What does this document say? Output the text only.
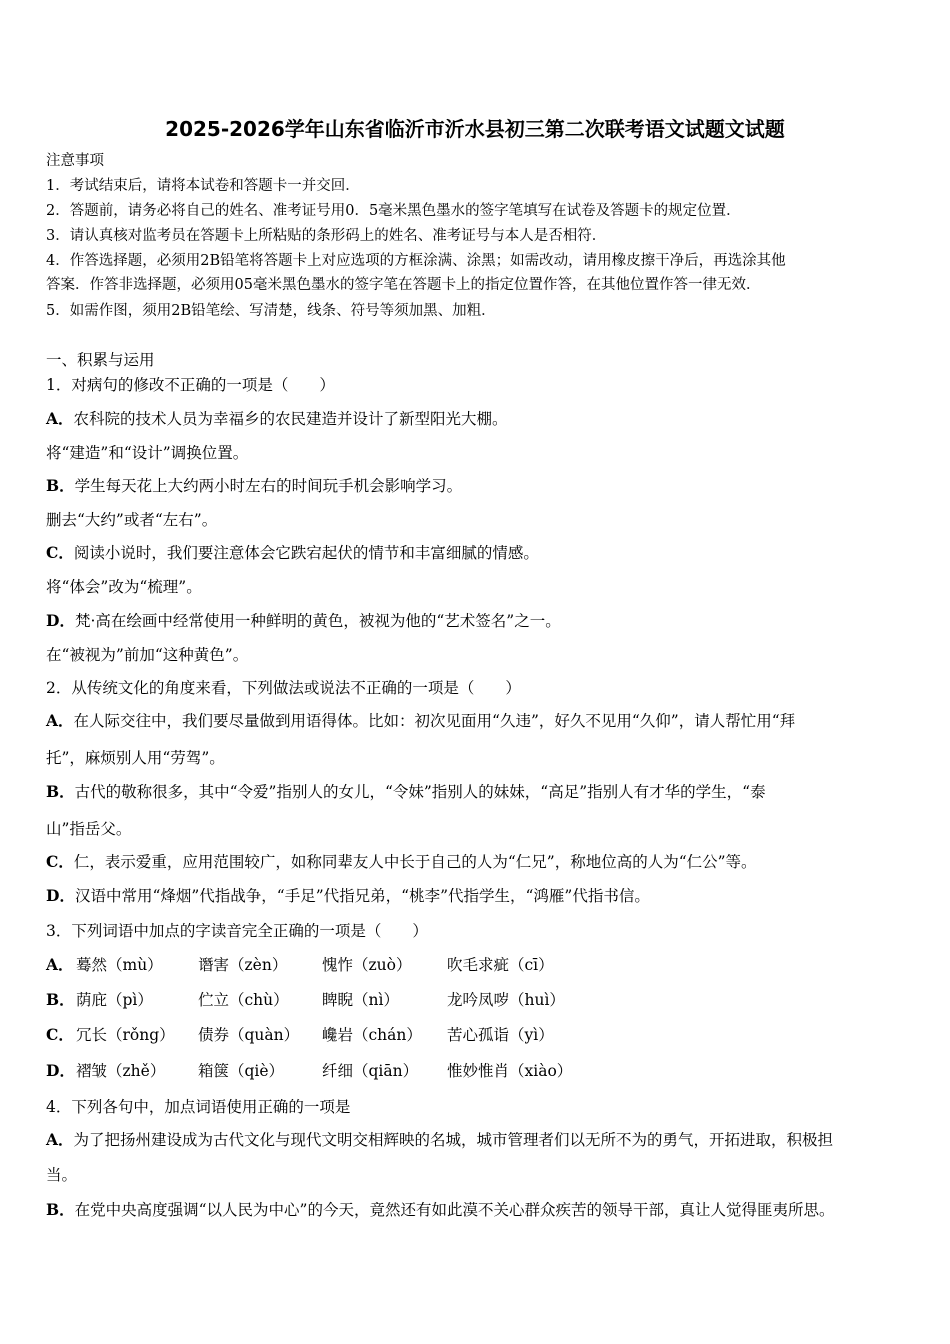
2025-2026学年山东省临沂市沂水县初三第二次联考语文试题文试题
注意事项
1．考试结束后，请将本试卷和答题卡一并交回．
2．答题前，请务必将自己的姓名、准考证号用0．5毫米黑色墨水的签字笔填写在试卷及答题卡的规定位置．
3．请认真核对监考员在答题卡上所粘贴的条形码上的姓名、准考证号与本人是否相符．
4．作答选择题，必须用2B铅笔将答题卡上对应选项的方框涂满、涂黑；如需改动，请用橡皮擦干净后，再选涂其他
答案．作答非选择题，必须用05毫米黑色墨水的签字笔在答题卡上的指定位置作答，在其他位置作答一律无效．
5．如需作图，须用2B铅笔绘、写清楚，线条、符号等须加黑、加粗．
一、积累与运用
1．对病句的修改不正确的一项是（　　）
A．农科院的技术人员为幸福乡的农民建造并设计了新型阳光大棚。
将“建造”和“设计”调换位置。
B．学生每天花上大约两小时左右的时间玩手机会影响学习。
删去“大约”或者“左右”。
C．阅读小说时，我们要注意体会它跌宕起伏的情节和丰富细腻的情感。
将“体会”改为“梳理”。
D．梵·高在绘画中经常使用一种鲜明的黄色，被视为他的“艺术签名”之一。
在“被视为”前加“这种黄色”。
2．从传统文化的角度来看，下列做法或说法不正确的一项是（　　）
A．在人际交往中，我们要尽量做到用语得体。比如：初次见面用“久违”，好久不见用“久仰”，请人帮忙用“拜
托”，麻烦别人用“劳驾”。
B．古代的敬称很多，其中“令爱”指别人的女儿，“令妹”指别人的妹妹，“高足”指别人有才华的学生，“泰
山”指岳父。
C．仁，表示爱重，应用范围较广，如称同辈友人中长于自己的人为“仁兄”，称地位高的人为“仁公”等。
D．汉语中常用“烽烟”代指战争，“手足”代指兄弟，“桃李”代指学生，“鸿雁”代指书信。
3．下列词语中加点的字读音完全正确的一项是（　　）
A． 蓦然（mù） 谮害（zèn） 愧怍（zuò） 吹毛求疵（cī）
B． 荫庇（pì）	伫立（chù） 睥睨（nì）	龙吟凤哕（huì）
C． 冗长（rǒng） 债券（quàn） 巉岩（chán） 苦心孤诣（yì）
D． 褶皱（zhě） 箱箧（qiè） 纤细（qiān） 惟妙惟肖（xiào）
4．下列各句中，加点词语使用正确的一项是
A．为了把扬州建设成为古代文化与现代文明交相辉映的名城，城市管理者们以无所不为的勇气，开拓进取，积极担
当。
B．在党中央高度强调“以人民为中心”的今天，竟然还有如此漠不关心群众疾苦的领导干部，真让人觉得匪夷所思。
